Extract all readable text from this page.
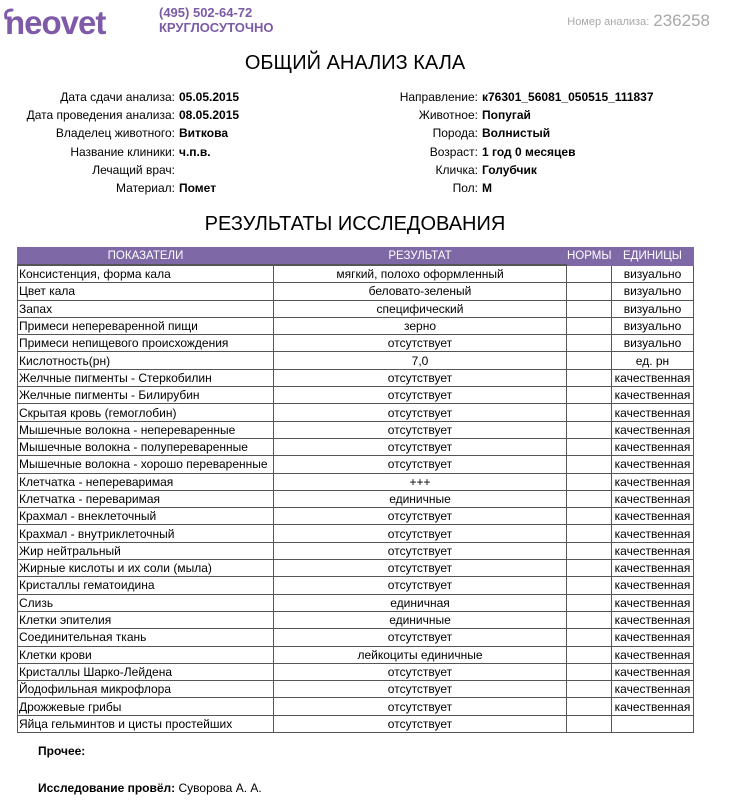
neovet	(495) 502-64-72
КРУГЛОСУТОЧНО	Номер анализа: 236258
ОБЩИЙ АНАЛИЗ КАЛА
Дата сдачи анализа: 05.05.2015
Дата проведения анализа: 08.05.2015
Владелец животного: Виткова
Название клиники: ч.п.в.
Лечащий врач:
Материал: Помет
Направление: к76301_56081_050515_111837
Животное: Попугай
Порода: Волнистый
Возраст: 1 год 0 месяцев
Кличка: Голубчик
Пол: М
РЕЗУЛЬТАТЫ ИССЛЕДОВАНИЯ
ПОКАЗАТЕЛИ	РЕЗУЛЬТАТ	НОРМЫ	ЕДИНИЦЫ
Консистенция, форма кала	мягкий, полохо оформленный		визуально
Цвет кала	беловато-зеленый		визуально
Запах	специфический		визуально
Примеси непереваренной пищи	зерно		визуально
Примеси непищевого происхождения	отсутствует		визуально
Кислотность(рн)	7,0		ед. рн
Желчные пигменты - Стеркобилин	отсутствует		качественная
Желчные пигменты - Билирубин	отсутствует		качественная
Скрытая кровь (гемоглобин)	отсутствует		качественная
Мышечные волокна - непереваренные	отсутствует		качественная
Мышечные волокна - полупереваренные	отсутствует		качественная
Мышечные волокна - хорошо переваренные	отсутствует		качественная
Клетчатка - непереваримая	+++		качественная
Клетчатка - переваримая	единичные		качественная
Крахмал - внеклеточный	отсутствует		качественная
Крахмал - внутриклеточный	отсутствует		качественная
Жир нейтральный	отсутствует		качественная
Жирные кислоты и их соли (мыла)	отсутствует		качественная
Кристаллы гематоидина	отсутствует		качественная
Слизь	единичная		качественная
Клетки эпителия	единичные		качественная
Соединительная ткань	отсутствует		качественная
Клетки крови	лейкоциты единичные		качественная
Кристаллы Шарко-Лейдена	отсутствует		качественная
Йодофильная микрофлора	отсутствует		качественная
Дрожжевые грибы	отсутствует		качественная
Яйца гельминтов и цисты простейших	отсутствует		
Прочее:
Исследование провёл: Суворова А. А.
